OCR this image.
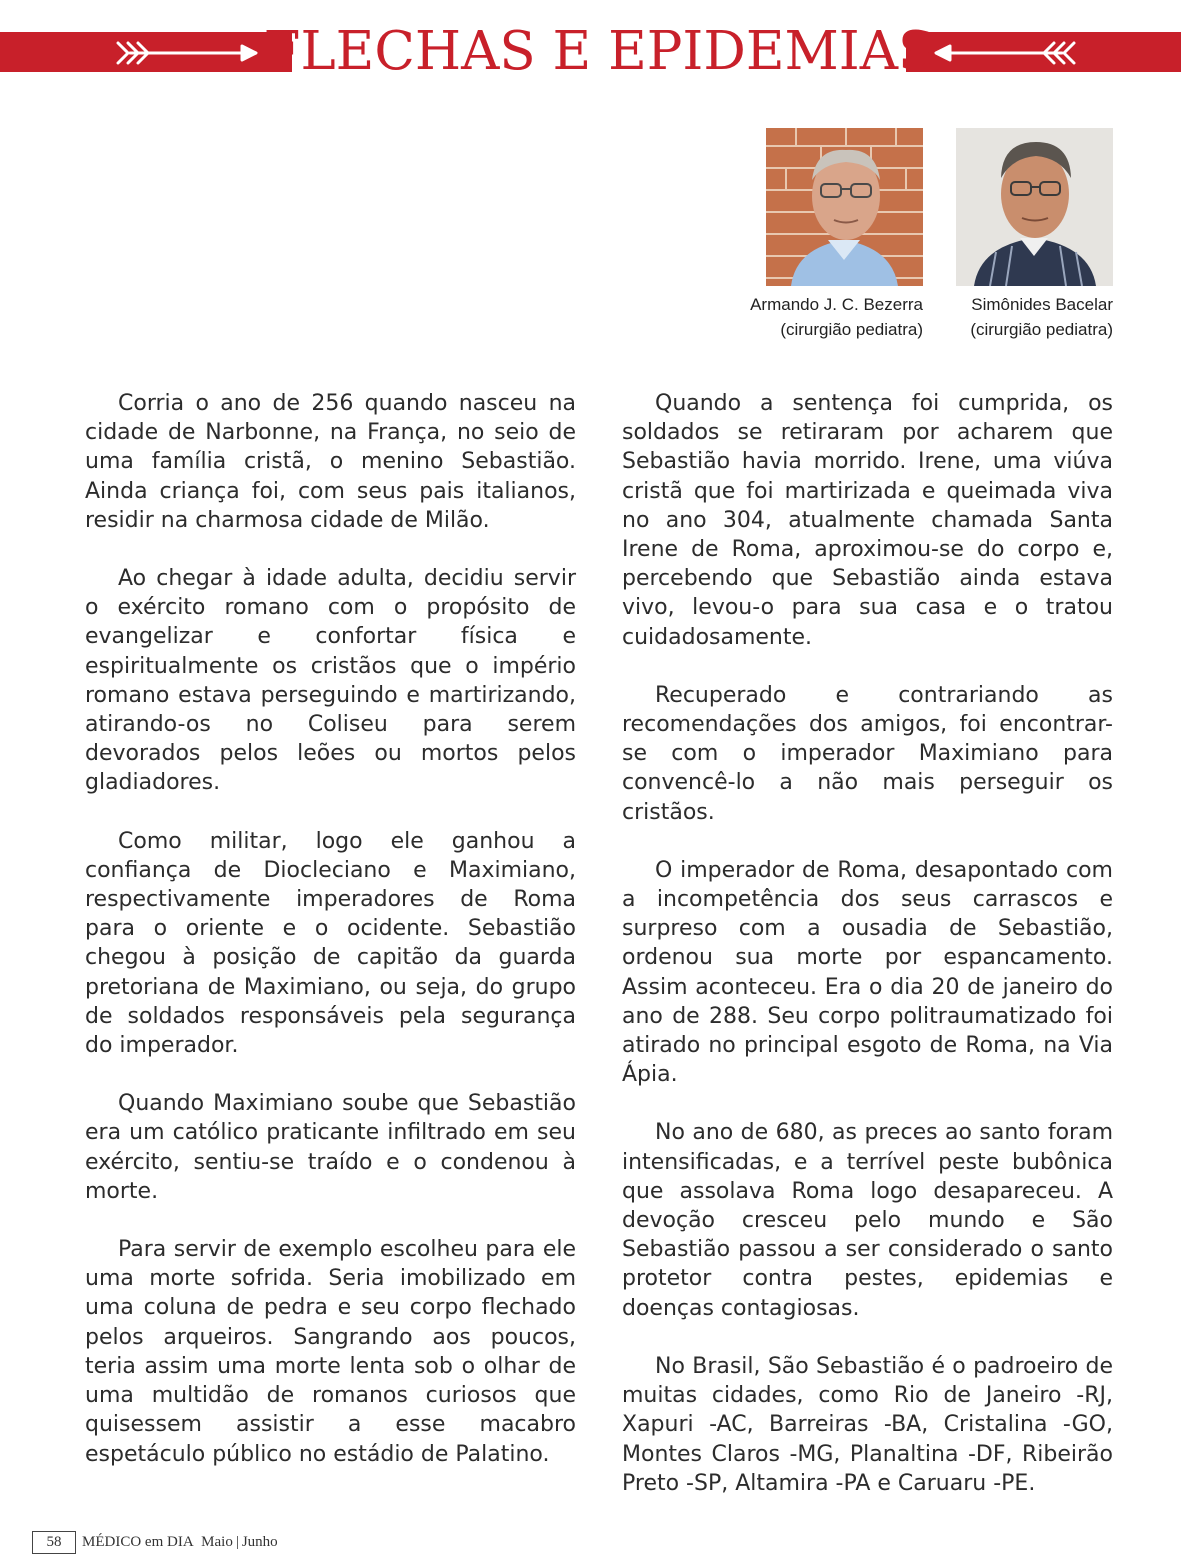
FLECHAS E EPIDEMIAS
Armando J. C. Bezerra
(cirurgião pediatra)
Simônides Bacelar
(cirurgião pediatra)

Corria o ano de 256 quando nasceu na cidade de Narbonne, na França, no seio de uma família cristã, o menino Sebastião. Ainda criança foi, com seus pais italianos, residir na charmosa cidade de Milão.

Ao chegar à idade adulta, decidiu servir o exército romano com o propósito de evangelizar e confortar física e espiritualmente os cristãos que o império romano estava perseguindo e martirizando, atirando-os no Coliseu para serem devorados pelos leões ou mortos pelos gladiadores.

Como militar, logo ele ganhou a confiança de Diocleciano e Maximiano, respectivamente imperadores de Roma para o oriente e o ocidente. Sebastião chegou à posição de capitão da guarda pretoriana de Maximiano, ou seja, do grupo de soldados responsáveis pela segurança do imperador.

Quando Maximiano soube que Sebastião era um católico praticante infiltrado em seu exército, sentiu-se traído e o condenou à morte.

Para servir de exemplo escolheu para ele uma morte sofrida. Seria imobilizado em uma coluna de pedra e seu corpo flechado pelos arqueiros. Sangrando aos poucos, teria assim uma morte lenta sob o olhar de uma multidão de romanos curiosos que quisessem assistir a esse macabro espetáculo público no estádio de Palatino.

Quando a sentença foi cumprida, os soldados se retiraram por acharem que Sebastião havia morrido. Irene, uma viúva cristã que foi martirizada e queimada viva no ano 304, atualmente chamada Santa Irene de Roma, aproximou-se do corpo e, percebendo que Sebastião ainda estava vivo, levou-o para sua casa e o tratou cuidadosamente.

Recuperado e contrariando as recomendações dos amigos, foi encontrar-se com o imperador Maximiano para convencê-lo a não mais perseguir os cristãos.

O imperador de Roma, desapontado com a incompetência dos seus carrascos e surpreso com a ousadia de Sebastião, ordenou sua morte por espancamento. Assim aconteceu. Era o dia 20 de janeiro do ano de 288. Seu corpo politraumatizado foi atirado no principal esgoto de Roma, na Via Ápia.

No ano de 680, as preces ao santo foram intensificadas, e a terrível peste bubônica que assolava Roma logo desapareceu. A devoção cresceu pelo mundo e São Sebastião passou a ser considerado o santo protetor contra pestes, epidemias e doenças contagiosas.

No Brasil, São Sebastião é o padroeiro de muitas cidades, como Rio de Janeiro -RJ, Xapuri -AC, Barreiras -BA, Cristalina -GO, Montes Claros -MG, Planaltina -DF, Ribeirão Preto -SP, Altamira -PA e Caruaru -PE.

58 MÉDICO em DIA
Maio | Junho
